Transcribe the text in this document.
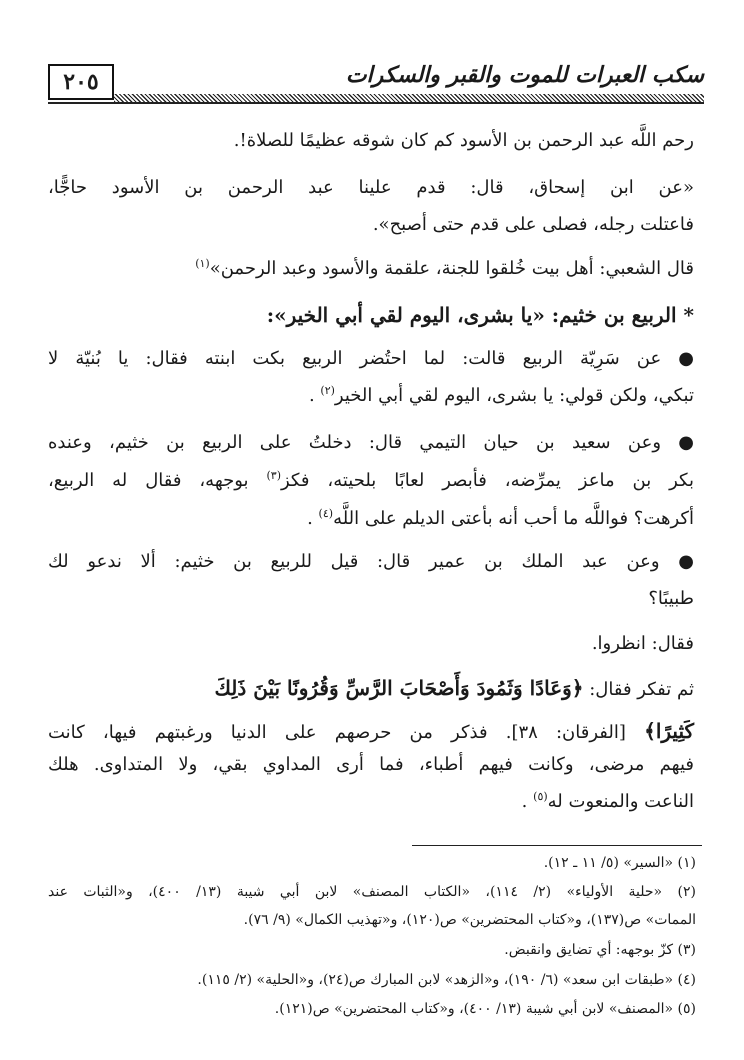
٢٠٥	سكب العبرات للموت والقبر والسكرات
رحم اللَّه عبد الرحمن بن الأسود كم كان شوقه عظيمًا للصلاة!.
«عن ابن إسحاق، قال: قدم علينا عبد الرحمن بن الأسود حاجًّا،
فاعتلت رجله، فصلى على قدم حتى أصبح».
قال الشعبي: أهل بيت خُلقوا للجنة، علقمة والأسود وعبد الرحمن»$^{(١)}$
* الربيع بن خثيم: «يا بشرى، اليوم لقي أبي الخير»:
● عن سَرِيّة الربيع قالت: لما احتُضر الربيع بكت ابنته فقال: يا بُنيّة لا
تبكي، ولكن قولي: يا بشرى، اليوم لقي أبي الخير$^{(٢)}$ .
● وعن سعيد بن حيان التيمي قال: دخلتُ على الربيع بن خثيم، وعنده
بكر بن ماعز يمرِّضه، فأبصر لعابًا بلحيته، فكز$^{(٣)}$ بوجهه، فقال له الربيع،
أكرهت؟ فواللَّه ما أحب أنه بأعتى الديلم على اللَّه$^{(٤)}$ .
● وعن عبد الملك بن عمير قال: قيل للربيع بن خثيم: ألا ندعو لك
طبيبًا؟
فقال: انظروا.
ثم تفكر فقال: ﴿وَعَادًا وَثَمُودَ وَأَصْحَابَ الرَّسِّ وَقُرُونًا بَيْنَ ذَلِكَ
كَثِيرًا﴾ [الفرقان: ٣٨]. فذكر من حرصهم على الدنيا ورغبتهم فيها، كانت
فيهم مرضى، وكانت فيهم أطباء، فما أرى المداوي بقي، ولا المتداوى. هلك
الناعت والمنعوت له$^{(٥)}$ .
(١) «السير» (٥/ ١١ ـ ١٢).
(٢) «حلية الأولياء» (٢/ ١١٤)، «الكتاب المصنف» لابن أبي شيبة (١٣/ ٤٠٠)، و«الثبات عند
الممات» ص(١٣٧)، و«كتاب المحتضرين» ص(١٢٠)، و«تهذيب الكمال» (٩/ ٧٦).
(٣) كزّ بوجهه: أي تضايق وانقبض.
(٤) «طبقات ابن سعد» (٦/ ١٩٠)، و«الزهد» لابن المبارك ص(٢٤)، و«الحلية» (٢/ ١١٥).
(٥) «المصنف» لابن أبي شيبة (١٣/ ٤٠٠)، و«كتاب المحتضرين» ص(١٢١).
